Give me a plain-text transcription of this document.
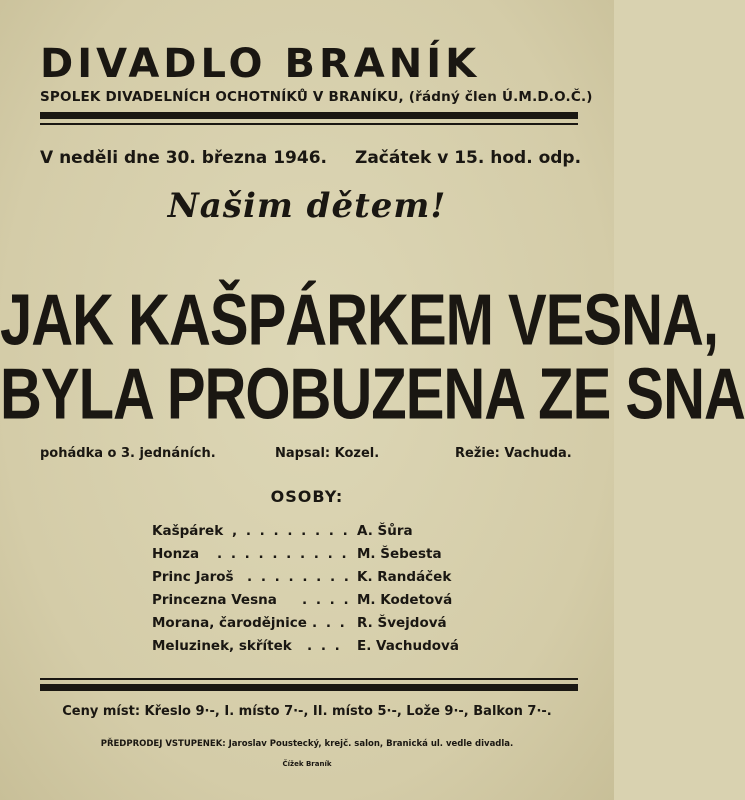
DIVADLO BRANÍK
SPOLEK DIVADELNÍCH OCHOTNÍKŮ V BRANÍKU, (řádný člen Ú.M.D.O.Č.)
V neděli dne 30. března 1946. Začátek v 15. hod. odp.
Našim dětem!
JAK KAŠPÁRKEM VESNA,
BYLA PROBUZENA ZE SNA
pohádka o 3. jednáních.	Napsal: Kozel.	Režie: Vachuda.
OSOBY:
Kašpárek , . . . . . . . . A. Šůra
Honza . . . . . . . . . . M. Šebesta
Princ Jaroš . . . . . . . . K. Randáček
Princezna Vesna . . . . M. Kodetová
Morana, čarodějnice . . . R. Švejdová
Meluzinek, skřítek . . . E. Vachudová
Ceny míst: Křeslo 9·-, I. místo 7·-, II. místo 5·-, Lože 9·-, Balkon 7·-.
PŘEDPRODEJ VSTUPENEK: Jaroslav Poustecký, krejč. salon, Branická ul. vedle divadla.
Čížek Braník
